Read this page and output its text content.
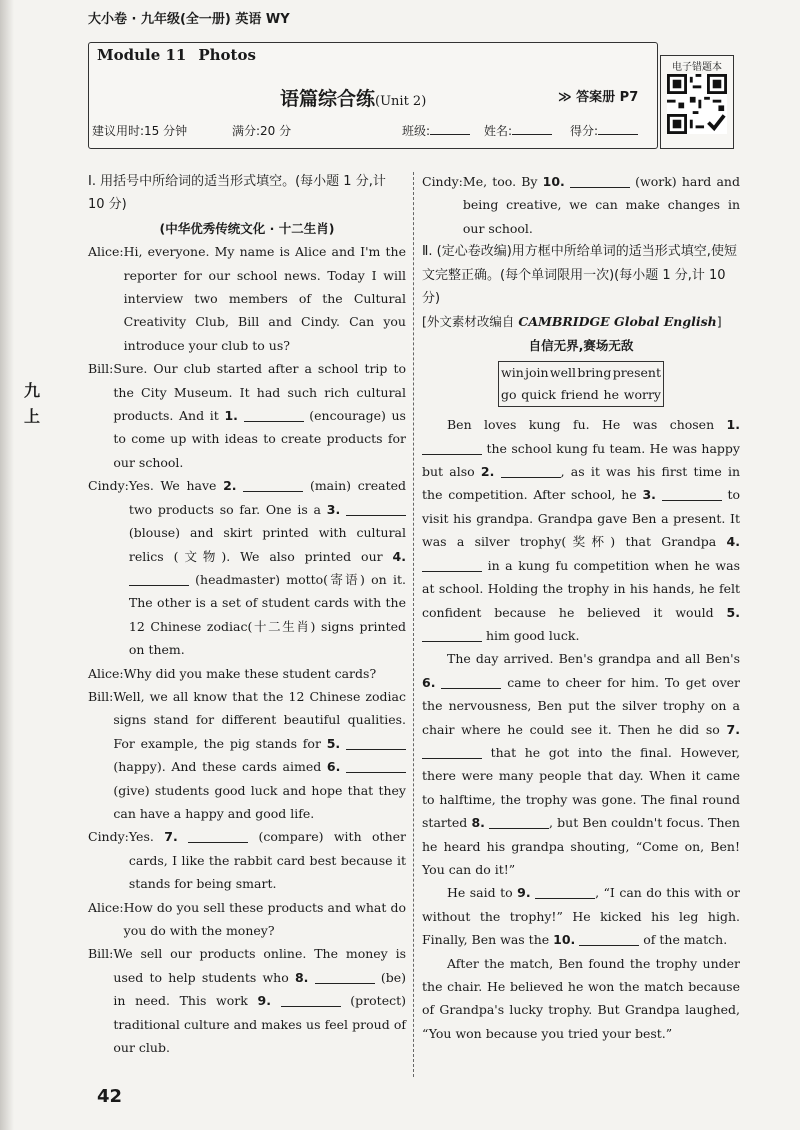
大小卷 · 九年级(全一册) 英语 WY
Module 11 Photos
语篇综合练(Unit 2)	≫ 答案册 P7
建议用时:15 分钟	满分:20 分	班级:	姓名:	得分:
电子错题本
九
上

Ⅰ. 用括号中所给词的适当形式填空。(每小题 1 分,计 10 分)

(中华优秀传统文化 · 十二生肖)

Alice: Hi, everyone. My name is Alice and I'm the reporter for our school news. Today I will interview two members of the Cultural Creativity Club, Bill and Cindy. Can you introduce your club to us?
Bill: Sure. Our club started after a school trip to the City Museum. It had such rich cultural products. And it 1.	(encourage) us to come up with ideas to create products for our school.
Cindy: Yes. We have 2.	(main) created two products so far. One is a 3.  (blouse) and skirt printed with cultural relics (文物). We also printed our 4.  (headmaster) motto(寄语) on it. The other is a set of student cards with the 12 Chinese zodiac(十二生肖) signs printed on them.
Alice: Why did you make these student cards?
Bill: Well, we all know that the 12 Chinese zodiac signs stand for different beautiful qualities. For example, the pig stands for 5.  (happy). And these cards aimed 6.  (give) students good luck and hope that they can have a happy and good life.
Cindy: Yes. 7.	(compare) with other cards, I like the rabbit card best because it stands for being smart.
Alice: How do you sell these products and what do you do with the money?
Bill: We sell our products online. The money is used to help students who 8.	(be) in need. This work 9.	(protect) traditional culture and makes us feel proud of our club.
Cindy: Me, too. By 10.	(work) hard and being creative, we can make changes in our school.

Ⅱ. (定心卷改编)用方框中所给单词的适当形式填空,使短文完整正确。(每个单词限用一次)(每小题 1 分,计 10 分)

[外文素材改编自 CAMBRIDGE Global English]

自信无界,赛场无敌

win join well bring present
go quick friend he worry

Ben loves kung fu. He was chosen 1.  the school kung fu team. He was happy but also 2.	, as it was his first time in the competition. After school, he 3.	to visit his grandpa. Grandpa gave Ben a present. It was a silver trophy(奖杯) that Grandpa 4.  in a kung fu competition when he was at school. Holding the trophy in his hands, he felt confident because he believed it would 5.  him good luck.

The day arrived. Ben's grandpa and all Ben's 6.	came to cheer for him. To get over the nervousness, Ben put the silver trophy on a chair where he could see it. Then he did so 7.  that he got into the final. However, there were many people that day. When it came to halftime, the trophy was gone. The final round started 8.	, but Ben couldn't focus. Then he heard his grandpa shouting, “Come on, Ben! You can do it!”

He said to 9.	, “I can do this with or without the trophy!” He kicked his leg high. Finally, Ben was the 10.	of the match.

After the match, Ben found the trophy under the chair. He believed he won the match because of Grandpa's lucky trophy. But Grandpa laughed, “You won because you tried your best.”

42
